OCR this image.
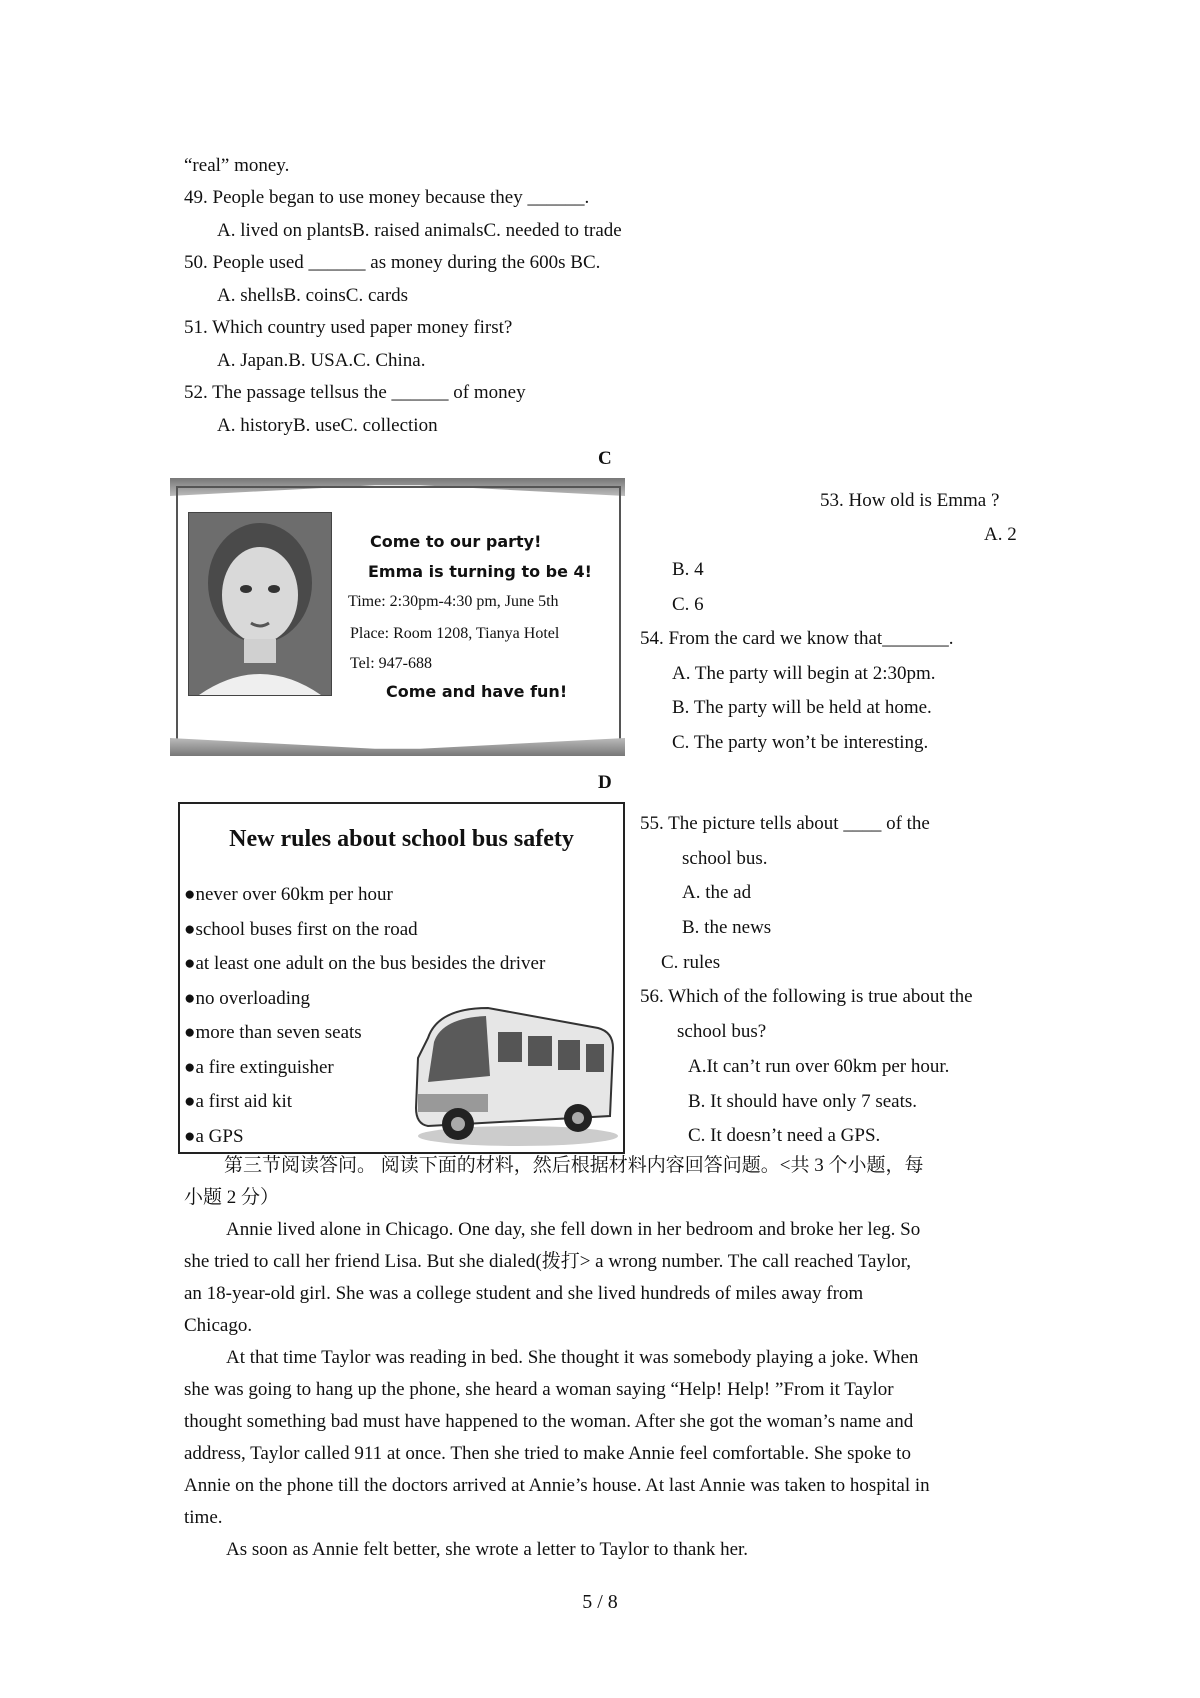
“real” money.
49. People began to use money because they ______.
A. lived on plantsB. raised animalsC. needed to trade
50. People used ______ as money during the 600s BC.
A. shellsB. coinsC. cards
51. Which country used paper money first?
A. Japan.B. USA.C. China.
52. The passage tellsus the ______ of money
A. historyB. useC. collection
C
Come to our party!
Emma is turning to be 4!
Time: 2:30pm-4:30 pm, June 5th
Place: Room 1208, Tianya Hotel
Tel: 947-688
Come and have fun!
53. How old is Emma ?
A. 2
B. 4
C. 6
54. From the card we know that_______.
A. The party will begin at 2:30pm.
B. The party will be held at home.
C. The party won’t be interesting.
D
New rules about school bus safety
●never over 60km per hour
●school buses first on the road
●at least one adult on the bus besides the driver
●no overloading
●more than seven seats
●a fire extinguisher
●a first aid kit
●a GPS
55. The picture tells about ____ of the
school bus.
A. the ad
B. the news
C. rules
56. Which of the following is true about the
school bus?
A.It can’t run over 60km per hour.
B. It should have only 7 seats.
C. It doesn’t need a GPS.
第三节阅读答问。 阅读下面的材料，然后根据材料内容回答问题。<共 3 个小题，每
小题 2 分）
Annie lived alone in Chicago. One day, she fell down in her bedroom and broke her leg. So
she tried to call her friend Lisa. But she dialed(拨打> a wrong number. The call reached Taylor,
an 18-year-old girl. She was a college student and she lived hundreds of miles away from
Chicago.
At that time Taylor was reading in bed. She thought it was somebody playing a joke. When
she was going to hang up the phone, she heard a woman saying “Help! Help! ”From it Taylor
thought something bad must have happened to the woman. After she got the woman’s name and
address, Taylor called 911 at once. Then she tried to make Annie feel comfortable. She spoke to
Annie on the phone till the doctors arrived at Annie’s house. At last Annie was taken to hospital in
time.
As soon as Annie felt better, she wrote a letter to Taylor to thank her.
5 / 8
